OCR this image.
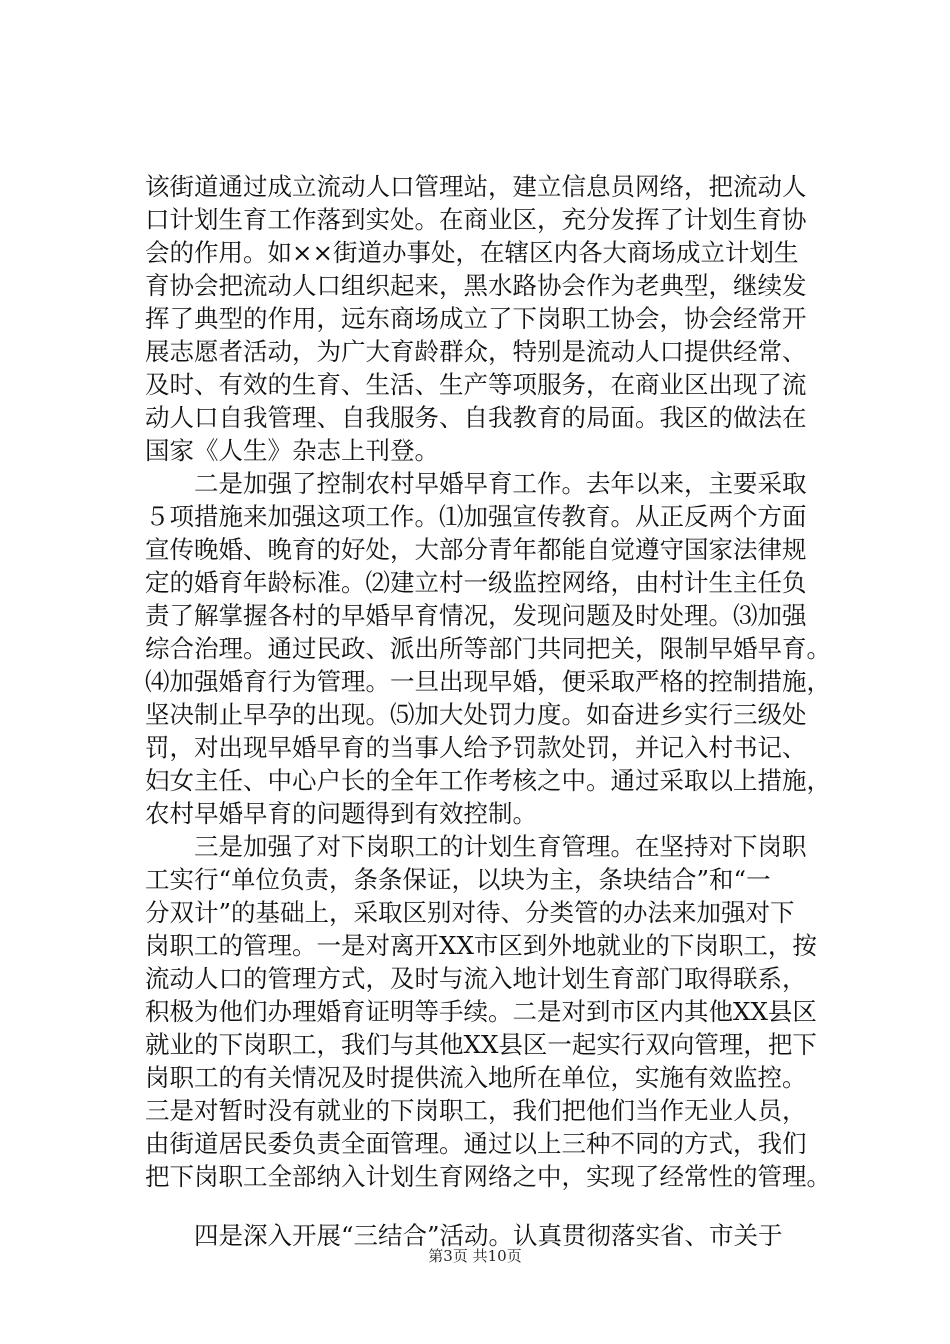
该街道通过成立流动人口管理站，建立信息员网络，把流动人
口计划生育工作落到实处。在商业区，充分发挥了计划生育协
会的作用。如××街道办事处，在辖区内各大商场成立计划生
育协会把流动人口组织起来，黑水路协会作为老典型，继续发
挥了典型的作用，远东商场成立了下岗职工协会，协会经常开
展志愿者活动，为广大育龄群众，特别是流动人口提供经常、
及时、有效的生育、生活、生产等项服务，在商业区出现了流
动人口自我管理、自我服务、自我教育的局面。我区的做法在
国家《人生》杂志上刊登。
　　二是加强了控制农村早婚早育工作。去年以来，主要采取
５项措施来加强这项工作。⑴加强宣传教育。从正反两个方面
宣传晚婚、晚育的好处，大部分青年都能自觉遵守国家法律规
定的婚育年龄标准。⑵建立村一级监控网络，由村计生主任负
责了解掌握各村的早婚早育情况，发现问题及时处理。⑶加强
综合治理。通过民政、派出所等部门共同把关，限制早婚早育。
⑷加强婚育行为管理。一旦出现早婚，便采取严格的控制措施，
坚决制止早孕的出现。⑸加大处罚力度。如奋进乡实行三级处
罚，对出现早婚早育的当事人给予罚款处罚，并记入村书记、
妇女主任、中心户长的全年工作考核之中。通过采取以上措施，
农村早婚早育的问题得到有效控制。
　　三是加强了对下岗职工的计划生育管理。在坚持对下岗职
工实行“单位负责，条条保证，以块为主，条块结合”和“一
分双计”的基础上，采取区别对待、分类管的办法来加强对下
岗职工的管理。一是对离开XX市区到外地就业的下岗职工，按
流动人口的管理方式，及时与流入地计划生育部门取得联系，
积极为他们办理婚育证明等手续。二是对到市区内其他XX县区
就业的下岗职工，我们与其他XX县区一起实行双向管理，把下
岗职工的有关情况及时提供流入地所在单位，实施有效监控。
三是对暂时没有就业的下岗职工，我们把他们当作无业人员，
由街道居民委负责全面管理。通过以上三种不同的方式，我们
把下岗职工全部纳入计划生育网络之中，实现了经常性的管理。
　　四是深入开展“三结合”活动。认真贯彻落实省、市关于
第3页 共10页
